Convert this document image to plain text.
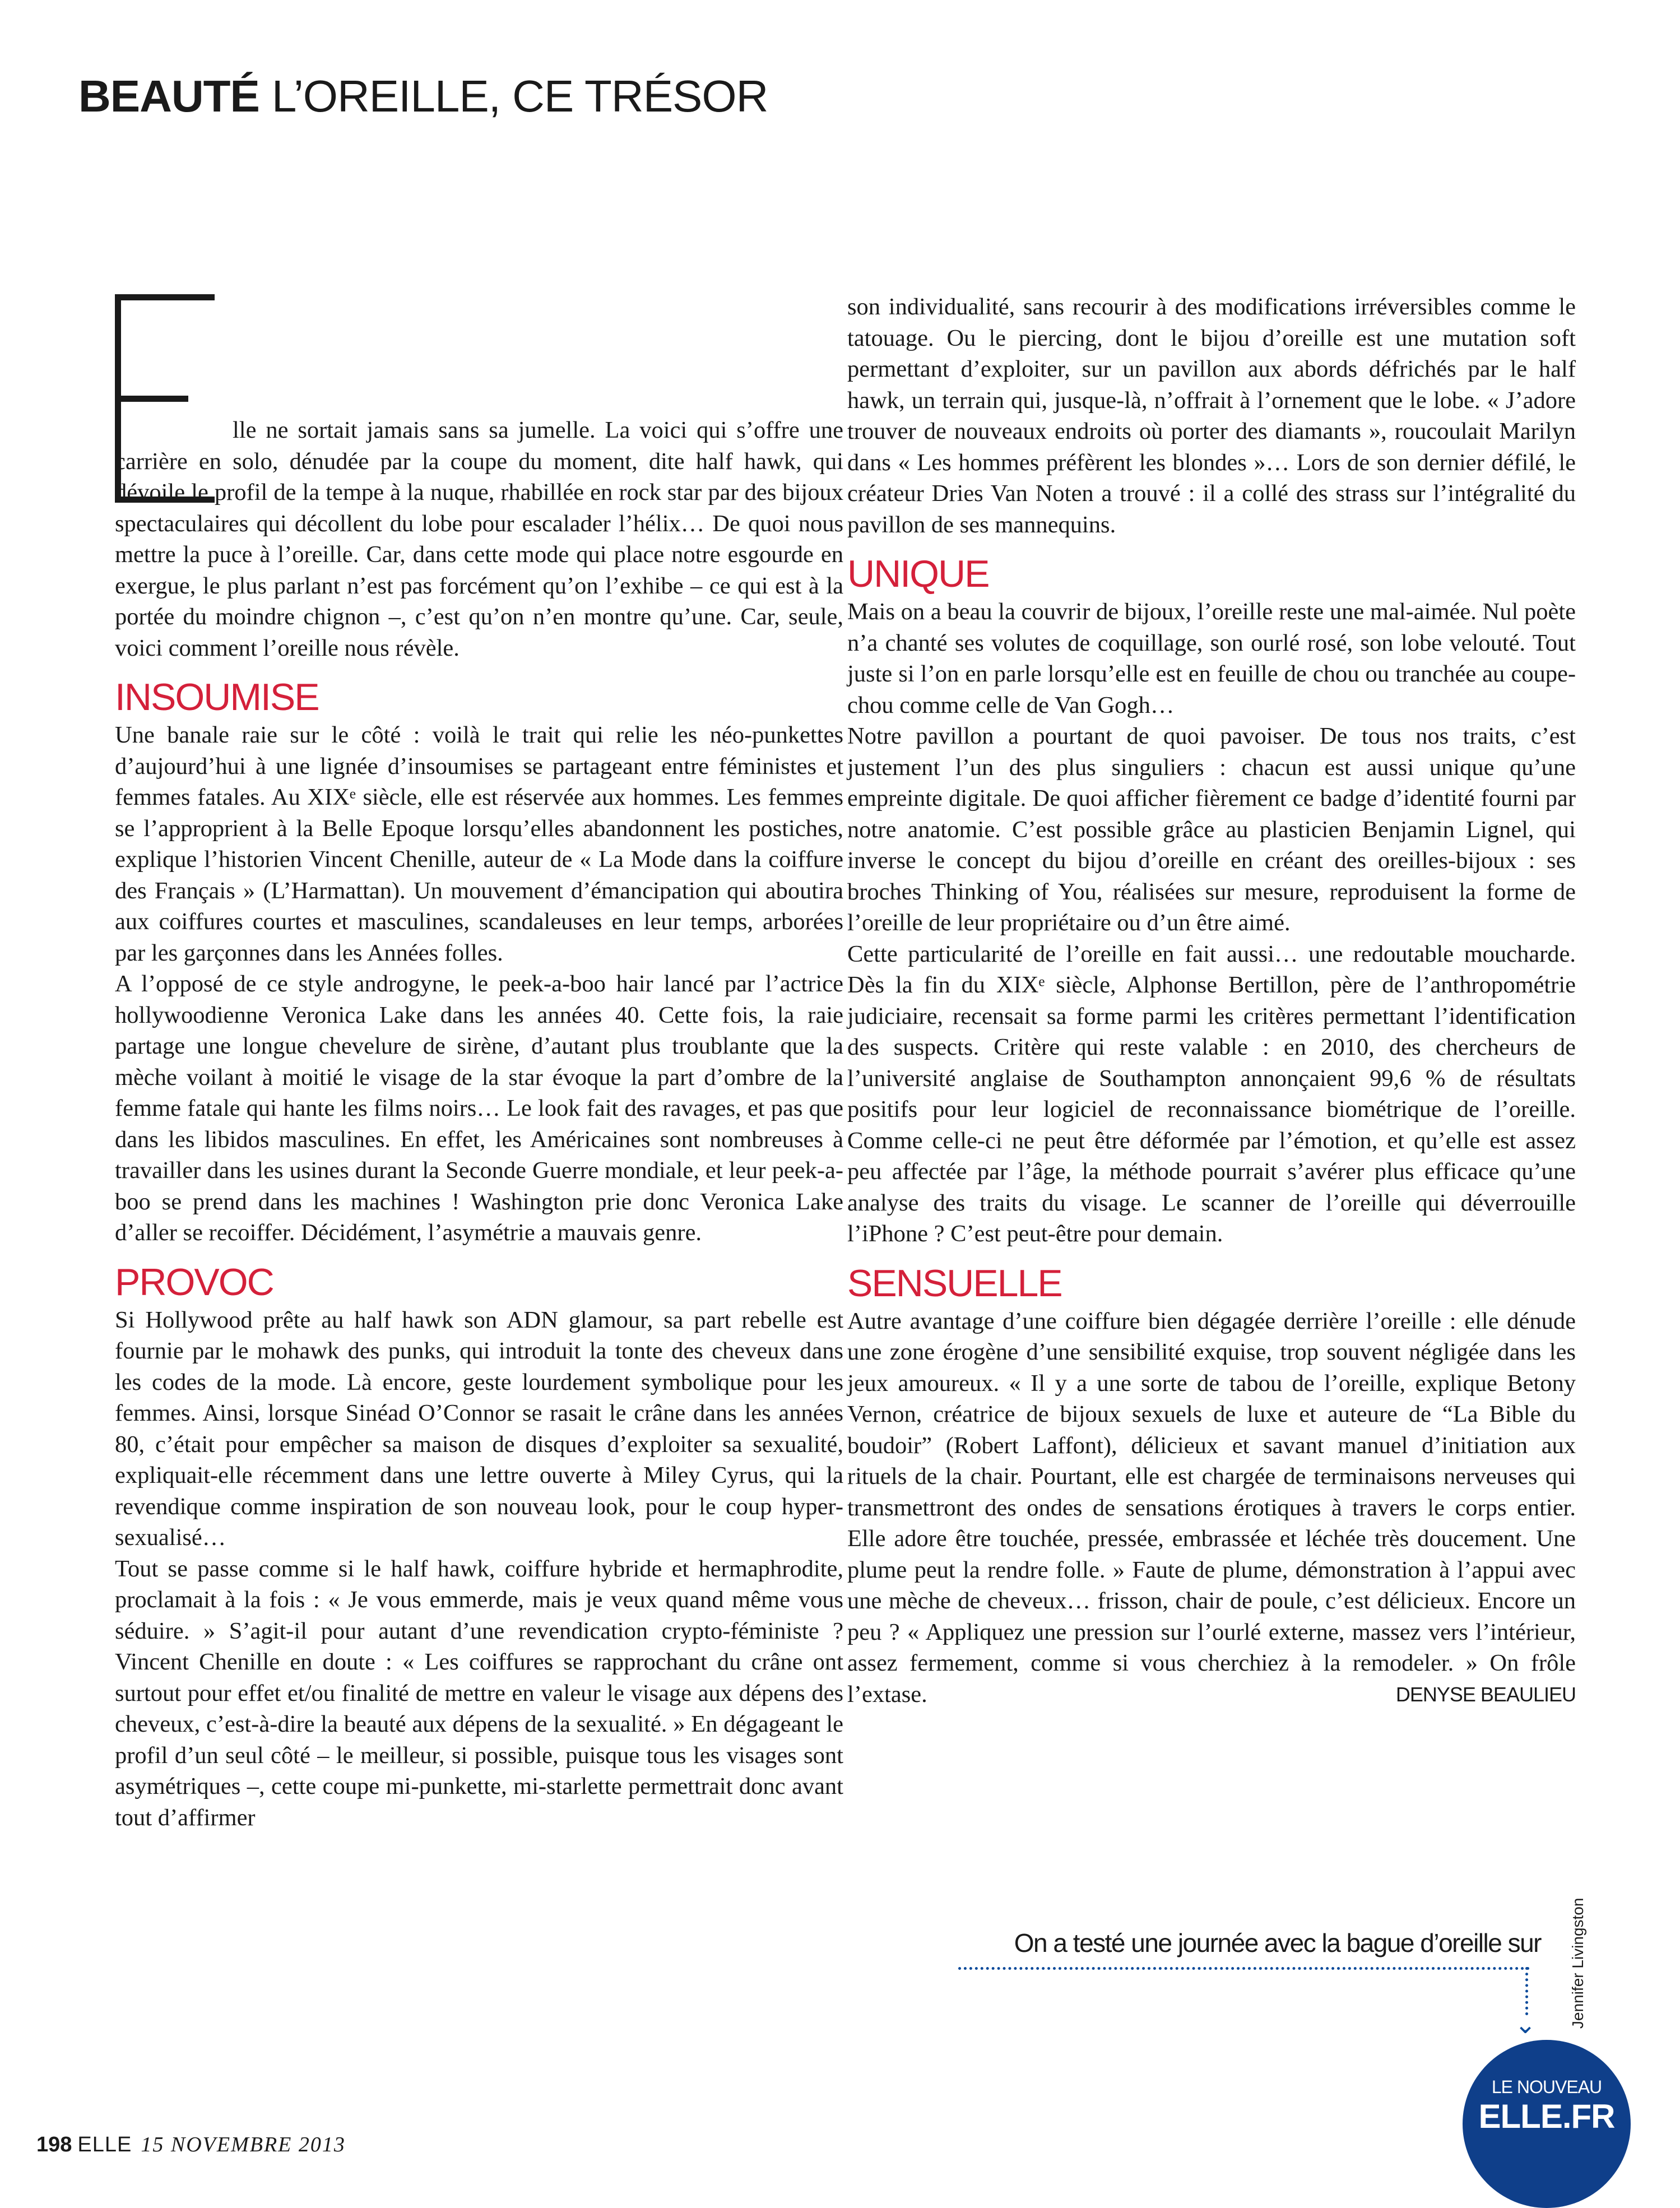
BEAUTÉ L’OREILLE, CE TRÉSOR

lle ne sortait jamais sans sa jumelle. La voici qui s’offre une carrière en solo, dénudée par la coupe du moment, dite half hawk, qui dévoile le profil de la tempe à la nuque, rhabillée en rock star par des bijoux spectaculaires qui décollent du lobe pour escalader l’hélix… De quoi nous mettre la puce à l’oreille. Car, dans cette mode qui place notre esgourde en exergue, le plus parlant n’est pas forcément qu’on l’exhibe – ce qui est à la portée du moindre chignon –, c’est qu’on n’en montre qu’une. Car, seule, voici comment l’oreille nous révèle.

INSOUMISE

Une banale raie sur le côté : voilà le trait qui relie les néo-punkettes d’aujourd’hui à une lignée d’insoumises se partageant entre féministes et femmes fatales. Au XIXᵉ siècle, elle est réservée aux hommes. Les femmes se l’approprient à la Belle Epoque lorsqu’elles abandonnent les postiches, explique l’historien Vincent Chenille, auteur de « La Mode dans la coiffure des Français » (L’Harmattan). Un mouvement d’émancipation qui aboutira aux coiffures courtes et masculines, scandaleuses en leur temps, arborées par les garçonnes dans les Années folles.

A l’opposé de ce style androgyne, le peek-a-boo hair lancé par l’actrice hollywoodienne Veronica Lake dans les années 40. Cette fois, la raie partage une longue chevelure de sirène, d’autant plus troublante que la mèche voilant à moitié le visage de la star évoque la part d’ombre de la femme fatale qui hante les films noirs… Le look fait des ravages, et pas que dans les libidos masculines. En effet, les Américaines sont nombreuses à travailler dans les usines durant la Seconde Guerre mondiale, et leur peek-a-boo se prend dans les machines ! Washington prie donc Veronica Lake d’aller se recoiffer. Décidément, l’asymétrie a mauvais genre.

PROVOC

Si Hollywood prête au half hawk son ADN glamour, sa part rebelle est fournie par le mohawk des punks, qui introduit la tonte des cheveux dans les codes de la mode. Là encore, geste lourdement symbolique pour les femmes. Ainsi, lorsque Sinéad O’Connor se rasait le crâne dans les années 80, c’était pour empêcher sa maison de disques d’exploiter sa sexualité, expliquait-elle récemment dans une lettre ouverte à Miley Cyrus, qui la revendique comme inspiration de son nouveau look, pour le coup hyper-sexualisé…

Tout se passe comme si le half hawk, coiffure hybride et hermaphrodite, proclamait à la fois : « Je vous emmerde, mais je veux quand même vous séduire. » S’agit-il pour autant d’une revendication crypto-féministe ? Vincent Chenille en doute : « Les coiffures se rapprochant du crâne ont surtout pour effet et/ou finalité de mettre en valeur le visage aux dépens des cheveux, c’est-à-dire la beauté aux dépens de la sexualité. » En dégageant le profil d’un seul côté – le meilleur, si possible, puisque tous les visages sont asymétriques –, cette coupe mi-punkette, mi-starlette permettrait donc avant tout d’affirmer

son individualité, sans recourir à des modifications irréversibles comme le tatouage. Ou le piercing, dont le bijou d’oreille est une mutation soft permettant d’exploiter, sur un pavillon aux abords défrichés par le half hawk, un terrain qui, jusque-là, n’offrait à l’ornement que le lobe. « J’adore trouver de nouveaux endroits où porter des diamants », roucoulait Marilyn dans « Les hommes préfèrent les blondes »… Lors de son dernier défilé, le créateur Dries Van Noten a trouvé : il a collé des strass sur l’intégralité du pavillon de ses mannequins.

UNIQUE

Mais on a beau la couvrir de bijoux, l’oreille reste une mal-aimée. Nul poète n’a chanté ses volutes de coquillage, son ourlé rosé, son lobe velouté. Tout juste si l’on en parle lorsqu’elle est en feuille de chou ou tranchée au coupe-chou comme celle de Van Gogh…

Notre pavillon a pourtant de quoi pavoiser. De tous nos traits, c’est justement l’un des plus singuliers : chacun est aussi unique qu’une empreinte digitale. De quoi afficher fièrement ce badge d’identité fourni par notre anatomie. C’est possible grâce au plasticien Benjamin Lignel, qui inverse le concept du bijou d’oreille en créant des oreilles-bijoux : ses broches Thinking of You, réalisées sur mesure, reproduisent la forme de l’oreille de leur propriétaire ou d’un être aimé.

Cette particularité de l’oreille en fait aussi… une redoutable moucharde. Dès la fin du XIXᵉ siècle, Alphonse Bertillon, père de l’anthropométrie judiciaire, recensait sa forme parmi les critères permettant l’identification des suspects. Critère qui reste valable : en 2010, des chercheurs de l’université anglaise de Southampton annonçaient 99,6 % de résultats positifs pour leur logiciel de reconnaissance biométrique de l’oreille. Comme celle-ci ne peut être déformée par l’émotion, et qu’elle est assez peu affectée par l’âge, la méthode pourrait s’avérer plus efficace qu’une analyse des traits du visage. Le scanner de l’oreille qui déverrouille l’iPhone ? C’est peut-être pour demain.

SENSUELLE

Autre avantage d’une coiffure bien dégagée derrière l’oreille : elle dénude une zone érogène d’une sensibilité exquise, trop souvent négligée dans les jeux amoureux. « Il y a une sorte de tabou de l’oreille, explique Betony Vernon, créatrice de bijoux sexuels de luxe et auteure de “La Bible du boudoir” (Robert Laffont), délicieux et savant manuel d’initiation aux rituels de la chair. Pourtant, elle est chargée de terminaisons nerveuses qui transmettront des ondes de sensations érotiques à travers le corps entier. Elle adore être touchée, pressée, embrassée et léchée très doucement. Une plume peut la rendre folle. » Faute de plume, démonstration à l’appui avec une mèche de cheveux… frisson, chair de poule, c’est délicieux. Encore un peu ? « Appliquez une pression sur l’ourlé externe, massez vers l’intérieur, assez fermement, comme si vous cherchiez à la remodeler. » On frôle l’extase.	DENYSE BEAULIEU
On a testé une journée avec la bague d’oreille sur
⌄
LE NOUVEAU
ELLE.FR
Jennifer Livingston
198 ELLE 15 NOVEMBRE 2013
